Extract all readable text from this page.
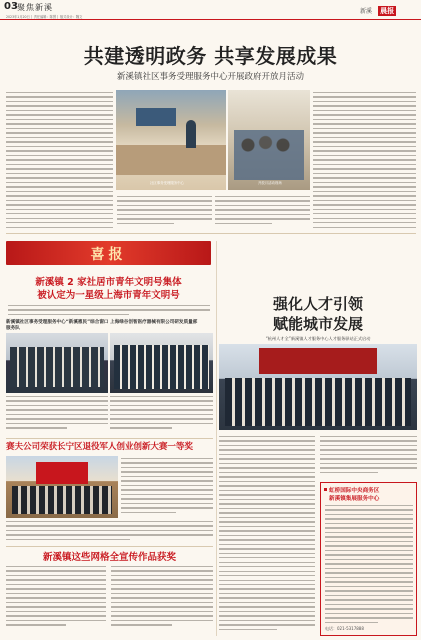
03 聚焦新溪
2023年1月20日 │ 责任编辑：陈慧 │ 版式设计：魏文
新溪 晨报
共建透明政务 共享发展成果
新溪镇社区事务受理服务中心开展政府开放月活动
社区事务受理服务中心	开放月活动现场
喜报
新溪镇 2 家社居市青年文明号集体
被认定为一星级上海市青年文明号
新溪镇社区事务受理服务中心“新溪惠民”综合窗口服务队
上海绿谷创智医疗器械有限公司研发质量部
赛夫公司荣获长宁区退役军人创业创新大赛一等奖
新溪镇这些网格全宣传作品获奖
强化人才引领
赋能城市发展
“杭州人才全”新溪镇人才服务中心人才服务驿站正式启动
虹桥国际中央商务区
新溪镇集展服务中心
电话：021-5317888
